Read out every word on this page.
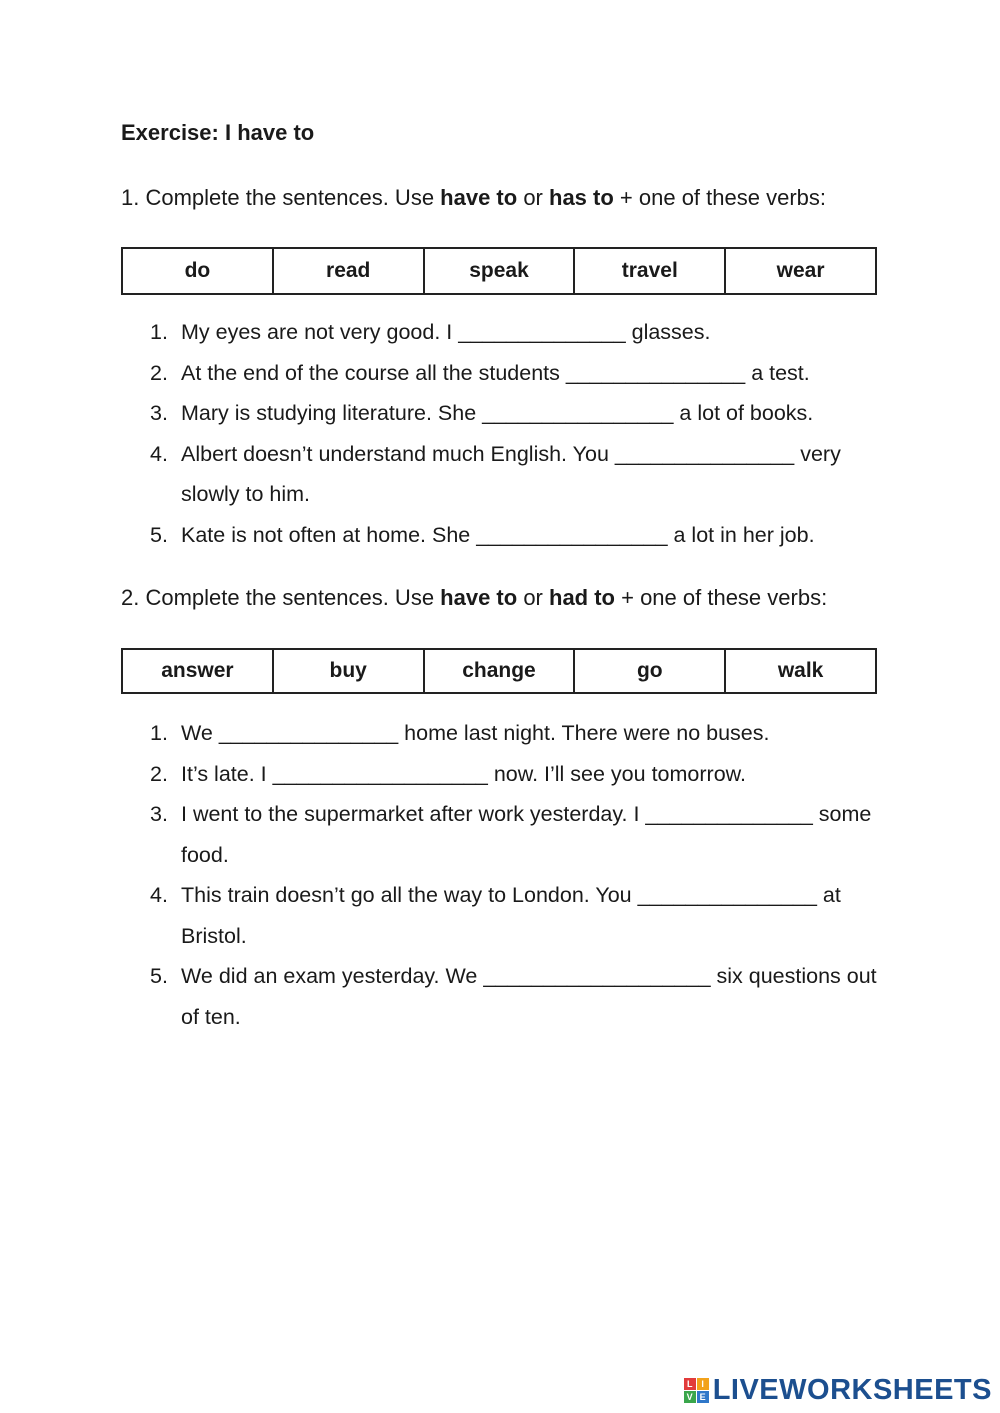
Exercise: I have to

1. Complete the sentences. Use have to or has to + one of these verbs:

do	read	speak	travel	wear
1. My eyes are not very good. I ______________ glasses.
2. At the end of the course all the students _______________ a test.
3. Mary is studying literature. She ________________ a lot of books.
4. Albert doesn’t understand much English. You _______________ very slowly to him.
5. Kate is not often at home. She ________________ a lot in her job.

2. Complete the sentences. Use have to or had to + one of these verbs:

answer	buy	change	go	walk
1. We _______________ home last night. There were no buses.
2. It’s late. I __________________ now. I’ll see you tomorrow.
3. I went to the supermarket after work yesterday. I ______________ some food.
4. This train doesn’t go all the way to London. You _______________ at Bristol.
5. We did an exam yesterday. We ___________________ six questions out of ten.
L I
V E LIVEWORKSHEETS
